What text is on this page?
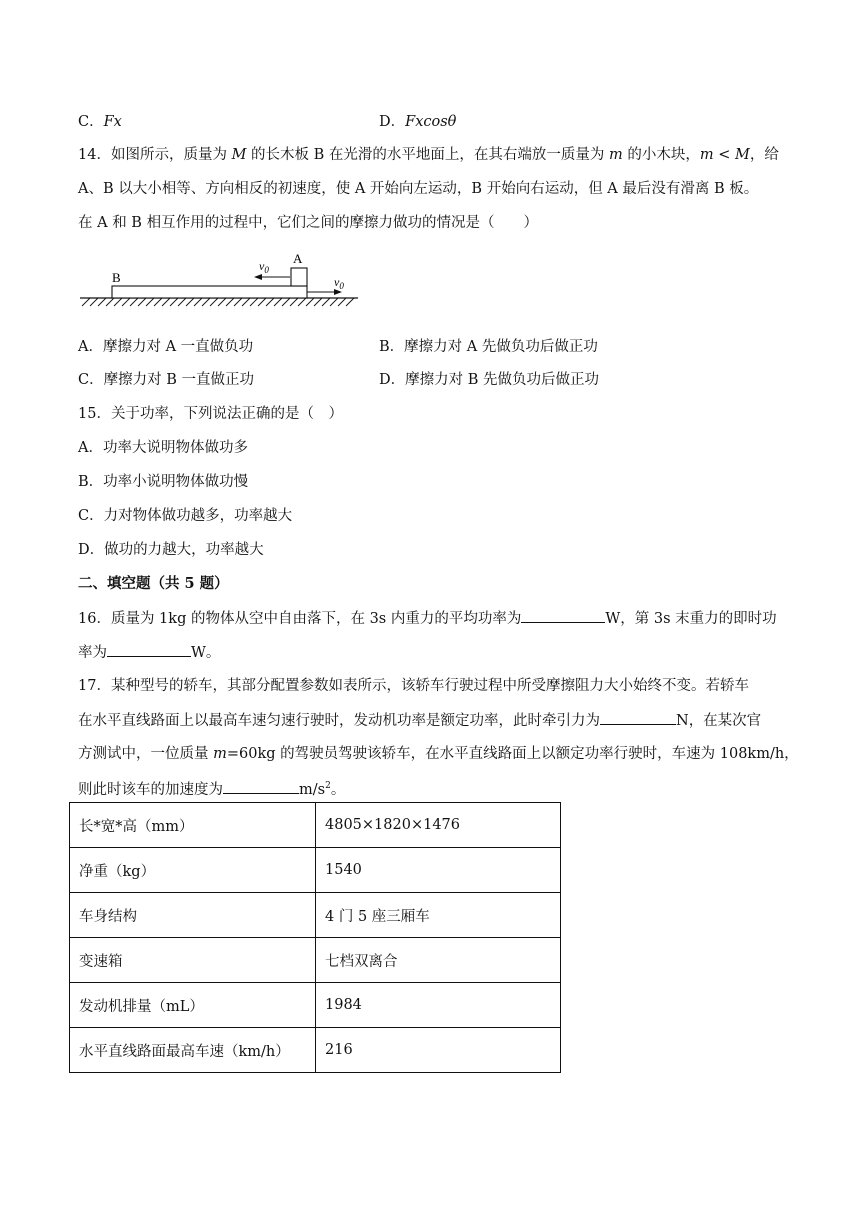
C．Fx	D．Fxcosθ
14．如图所示，质量为 M 的长木板 B 在光滑的水平地面上，在其右端放一质量为 m 的小木块，m < M，给
A、B 以大小相等、方向相反的初速度，使 A 开始向左运动，B 开始向右运动，但 A 最后没有滑离 B 板。
在 A 和 B 相互作用的过程中，它们之间的摩擦力做功的情况是（　　）
B
A
$v_0$
$v_0$
A．摩擦力对 A 一直做负功	B．摩擦力对 A 先做负功后做正功
C．摩擦力对 B 一直做正功	D．摩擦力对 B 先做负功后做正功
15．关于功率，下列说法正确的是（　）
A．功率大说明物体做功多
B．功率小说明物体做功慢
C．力对物体做功越多，功率越大
D．做功的力越大，功率越大
二、填空题（共 5 题）
16．质量为 1kg 的物体从空中自由落下，在 3s 内重力的平均功率为	W，第 3s 末重力的即时功
率为	W。
17．某种型号的轿车，其部分配置参数如表所示，该轿车行驶过程中所受摩擦阻力大小始终不变。若轿车
在水平直线路面上以最高车速匀速行驶时，发动机功率是额定功率，此时牵引力为	N，在某次官
方测试中，一位质量 m=60kg 的驾驶员驾驶该轿车，在水平直线路面上以额定功率行驶时，车速为 108km/h，
则此时该车的加速度为	$m/s^2$。
长*宽*高（mm）	4805×1820×1476
净重（kg）	1540
车身结构	4 门 5 座三厢车
变速箱	七档双离合
发动机排量（mL）	1984
水平直线路面最高车速（km/h）	216
